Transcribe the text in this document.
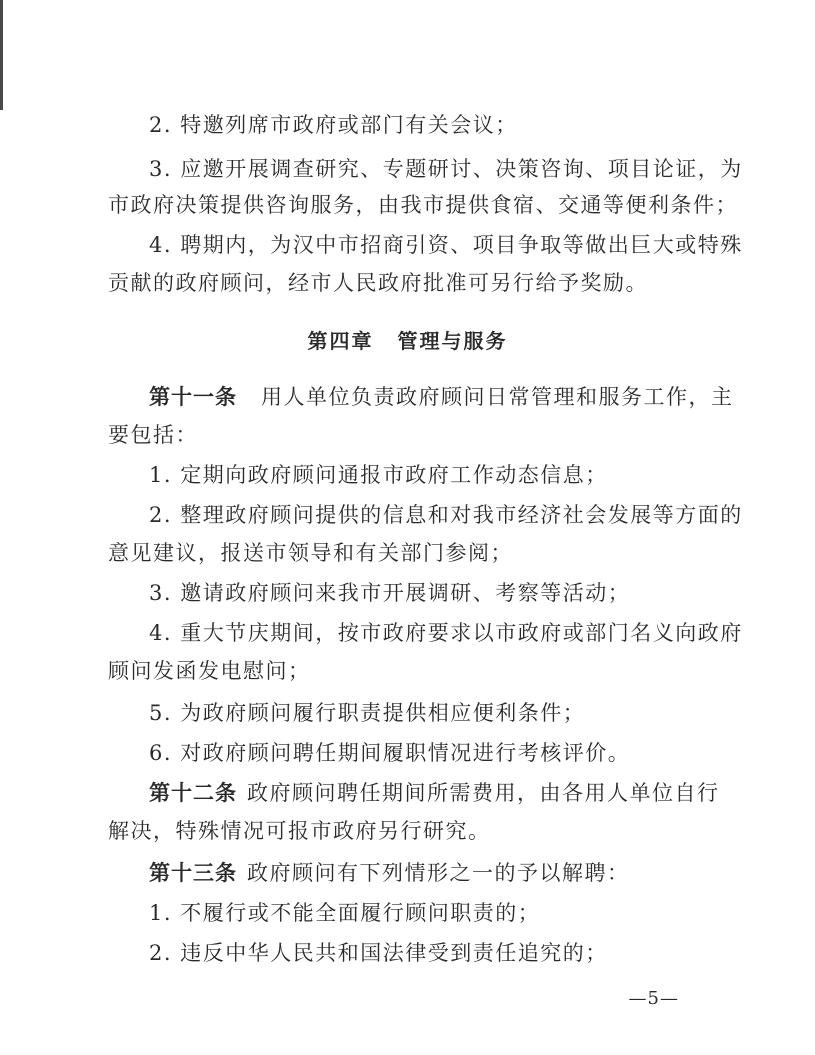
2. 特邀列席市政府或部门有关会议；
3. 应邀开展调查研究、专题研讨、决策咨询、项目论证，为
市政府决策提供咨询服务，由我市提供食宿、交通等便利条件；
4. 聘期内，为汉中市招商引资、项目争取等做出巨大或特殊
贡献的政府顾问，经市人民政府批准可另行给予奖励。
第四章 管理与服务
第十一条 用人单位负责政府顾问日常管理和服务工作，主
要包括：
1. 定期向政府顾问通报市政府工作动态信息；
2. 整理政府顾问提供的信息和对我市经济社会发展等方面的
意见建议，报送市领导和有关部门参阅；
3. 邀请政府顾问来我市开展调研、考察等活动；
4. 重大节庆期间，按市政府要求以市政府或部门名义向政府
顾问发函发电慰问；
5. 为政府顾问履行职责提供相应便利条件；
6. 对政府顾问聘任期间履职情况进行考核评价。
第十二条 政府顾问聘任期间所需费用，由各用人单位自行
解决，特殊情况可报市政府另行研究。
第十三条 政府顾问有下列情形之一的予以解聘：
1. 不履行或不能全面履行顾问职责的；
2. 违反中华人民共和国法律受到责任追究的；
—5—
